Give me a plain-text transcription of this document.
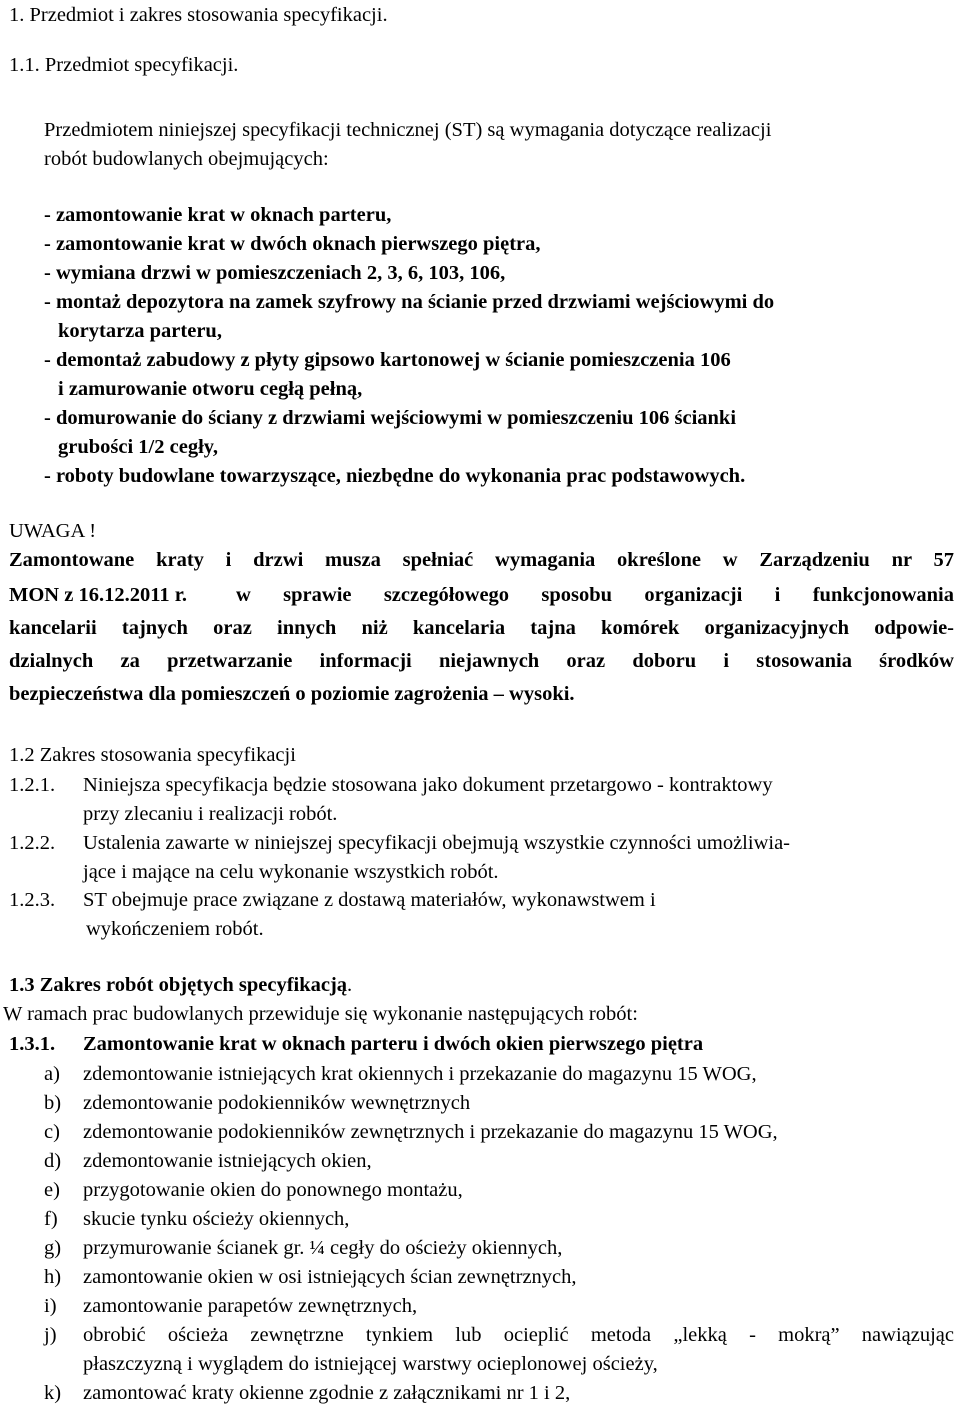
1. Przedmiot i zakres stosowania specyfikacji.
1.1. Przedmiot specyfikacji.
Przedmiotem niniejszej specyfikacji technicznej (ST) są wymagania dotyczące realizacji
robót budowlanych obejmujących:
- zamontowanie krat w oknach parteru,
- zamontowanie krat w dwóch oknach pierwszego piętra,
- wymiana drzwi w pomieszczeniach 2, 3, 6, 103, 106,
- montaż depozytora na zamek szyfrowy na ścianie przed drzwiami wejściowymi do
korytarza parteru,
- demontaż zabudowy z płyty gipsowo kartonowej w ścianie pomieszczenia 106
i zamurowanie otworu cegłą pełną,
- domurowanie do ściany z drzwiami wejściowymi w pomieszczeniu 106 ścianki
grubości 1/2 cegły,
- roboty budowlane towarzyszące, niezbędne do wykonania prac podstawowych.
UWAGA !
Zamontowane kraty i drzwi musza spełniać wymagania określone w Zarządzeniu nr 57
MON z 16.12.2011 r. w sprawie szczegółowego sposobu organizacji i funkcjonowania
kancelarii tajnych oraz innych niż kancelaria tajna komórek organizacyjnych odpowie-
dzialnych za przetwarzanie informacji niejawnych oraz doboru i stosowania środków
bezpieczeństwa dla pomieszczeń o poziomie zagrożenia – wysoki.
1.2 Zakres stosowania specyfikacji
1.2.1. Niniejsza specyfikacja będzie stosowana jako dokument przetargowo - kontraktowy
przy zlecaniu i realizacji robót.
1.2.2. Ustalenia zawarte w niniejszej specyfikacji obejmują wszystkie czynności umożliwia-
jące i mające na celu wykonanie wszystkich robót.
1.2.3. ST obejmuje prace związane z dostawą materiałów, wykonawstwem i
wykończeniem robót.
1.3 Zakres robót objętych specyfikacją.
W ramach prac budowlanych przewiduje się wykonanie następujących robót:
1.3.1. Zamontowanie krat w oknach parteru i dwóch okien pierwszego piętra
a)	zdemontowanie istniejących krat okiennych i przekazanie do magazynu 15 WOG,
b)	zdemontowanie podokienników wewnętrznych
c)	zdemontowanie podokienników zewnętrznych i przekazanie do magazynu 15 WOG,
d)	zdemontowanie istniejących okien,
e)	przygotowanie okien do ponownego montażu,
f)	skucie tynku ościeży okiennych,
g)	przymurowanie ścianek gr. ¼ cegły do ościeży okiennych,
h)	zamontowanie okien w osi istniejących ścian zewnętrznych,
i)	zamontowanie parapetów zewnętrznych,
j)	obrobić ościeża zewnętrzne tynkiem lub ocieplić metoda „lekką - mokrą” nawiązując
płaszczyzną i wyglądem do istniejącej warstwy ocieplonowej ościeży,
k)	zamontować kraty okienne zgodnie z załącznikami nr 1 i 2,
